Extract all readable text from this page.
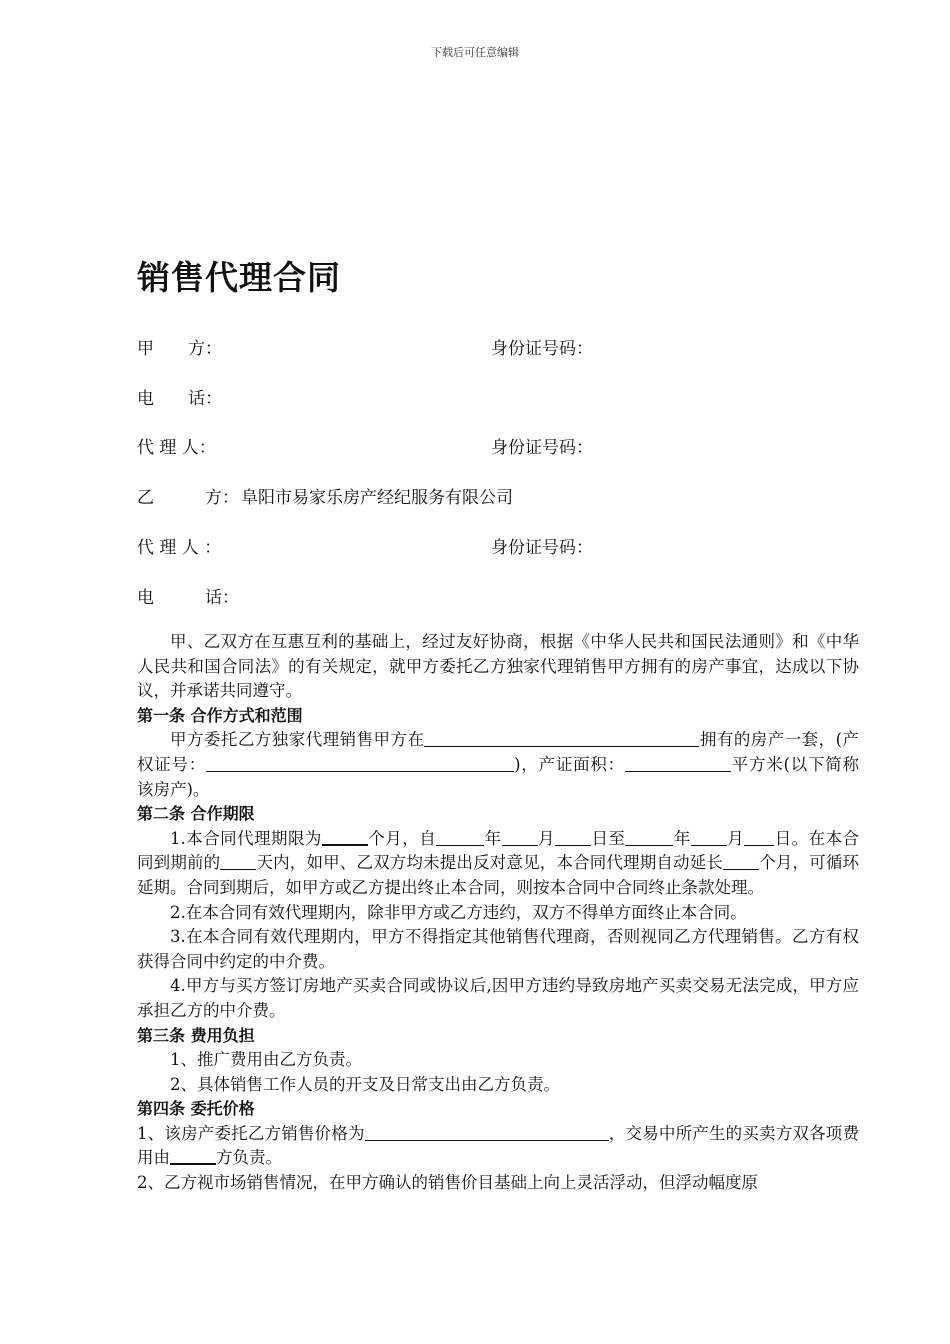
下载后可任意编辑
销售代理合同
甲　　方：	身份证号码：
电　　话：
代 理 人：	身份证号码：
乙　　　方： 阜阳市易家乐房产经纪服务有限公司
代 理 人 ：	身份证号码：
电　　　话：

甲、乙双方在互惠互利的基础上，经过友好协商，根据《中华人民共和国民法通则》和《中华人民共和国合同法》的有关规定，就甲方委托乙方独家代理销售甲方拥有的房产事宜，达成以下协议，并承诺共同遵守。

第一条 合作方式和范围

甲方委托乙方独家代理销售甲方在	拥有的房产一套，(产权证号：	)，产证面积：	平方米(以下简称该房产)。

第二条 合作期限

1.本合同代理期限为	个月，自	年 月 日至	年 月 日。在本合同到期前的 天内，如甲、乙双方均未提出反对意见，本合同代理期自动延长 个月，可循环延期。合同到期后，如甲方或乙方提出终止本合同，则按本合同中合同终止条款处理。

2.在本合同有效代理期内，除非甲方或乙方违约，双方不得单方面终止本合同。

3.在本合同有效代理期内，甲方不得指定其他销售代理商，否则视同乙方代理销售。乙方有权获得合同中约定的中介费。

4.甲方与买方签订房地产买卖合同或协议后,因甲方违约导致房地产买卖交易无法完成，甲方应承担乙方的中介费。

第三条 费用负担

1、推广费用由乙方负责。

2、具体销售工作人员的开支及日常支出由乙方负责。

第四条 委托价格

1、该房产委托乙方销售价格为	，交易中所产生的买卖方双各项费用由	方负责。

2、乙方视市场销售情况，在甲方确认的销售价目基础上向上灵活浮动，但浮动幅度原
